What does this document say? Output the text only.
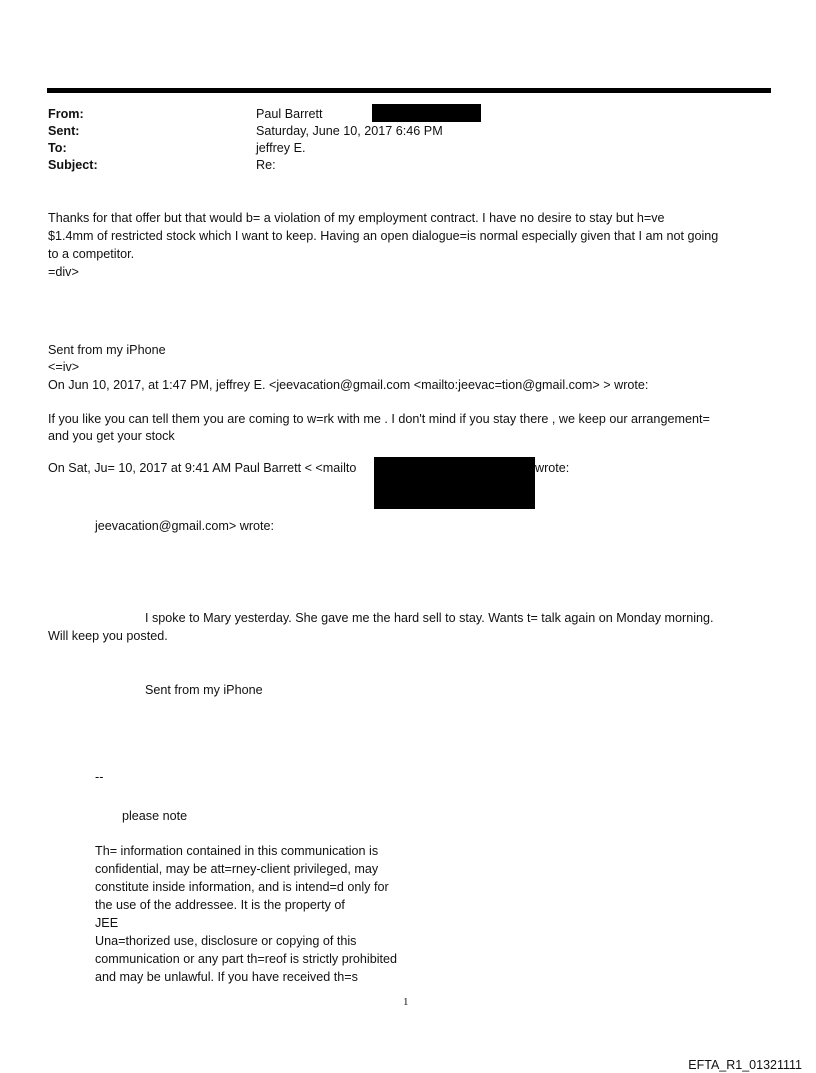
From:
Sent:
To:
Subject:
Paul Barrett
Saturday, June 10, 2017 6:46 PM
jeffrey E.
Re:
Thanks for that offer but that would b= a violation of my employment contract. I have no desire to stay but h=ve
$1.4mm of restricted stock which I want to keep. Having an open dialogue=is normal especially given that I am not going
to a competitor.
=div>
Sent from my iPhone
<=iv>
On Jun 10, 2017, at 1:47 PM, jeffrey E. <jeevacation@gmail.com <mailto:jeevac=tion@gmail.com> > wrote:
If you like you can tell them you are coming to w=rk with me . I don't mind if you stay there , we keep our arrangement=
and you get your stock
On Sat, Ju= 10, 2017 at 9:41 AM Paul Barrett < <mailto	wrote:
jeevacation@gmail.com> wrote:
I spoke to Mary yesterday. She gave me the hard sell to stay. Wants t= talk again on Monday morning.
Will keep you posted.
Sent from my iPhone
--
please note
Th= information contained in this communication is
confidential, may be att=rney-client privileged, may
constitute inside information, and is intend=d only for
the use of the addressee. It is the property of
JEE
Una=thorized use, disclosure or copying of this
communication or any part th=reof is strictly prohibited
and may be unlawful. If you have received th=s
1
EFTA_R1_01321111
